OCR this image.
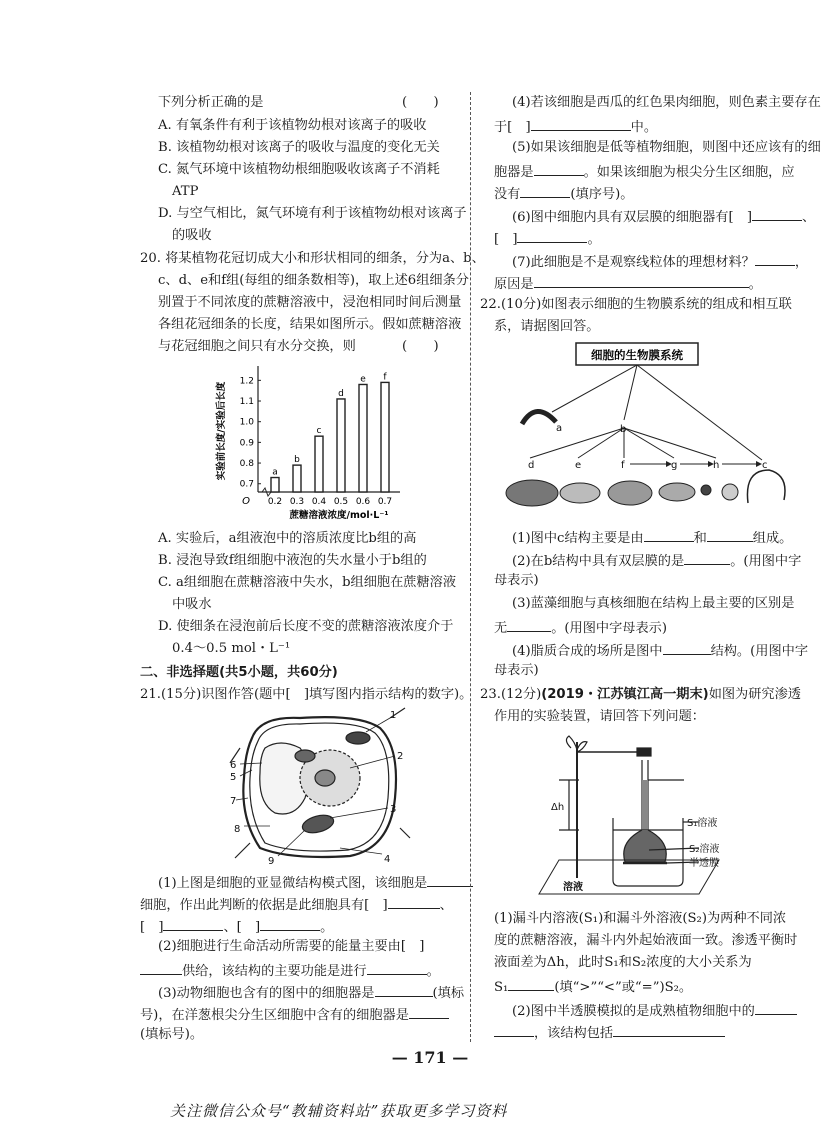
下列分析正确的是	(　　)
A. 有氧条件有利于该植物幼根对该离子的吸收
B. 该植物幼根对该离子的吸收与温度的变化无关
C. 氮气环境中该植物幼根细胞吸收该离子不消耗
ATP
D. 与空气相比，氮气环境有利于该植物幼根对该离子
的吸收
20. 将某植物花冠切成大小和形状相同的细条，分为a、b、
c、d、e和f组(每组的细条数相等)，取上述6组细条分
别置于不同浓度的蔗糖溶液中，浸泡相同时间后测量
各组花冠细条的长度，结果如图所示。假如蔗糖溶液
与花冠细胞之间只有水分交换，则	(　　)
0.7
0.8
0.9
1.0
1.1
1.2
O
a
0.2
b
0.3
c
0.4
d
0.5
e
0.6
f
0.7
蔗糖溶液浓度/mol·L⁻¹
实验前长度/实验后长度
A. 实验后，a组液泡中的溶质浓度比b组的高
B. 浸泡导致f组细胞中液泡的失水量小于b组的
C. a组细胞在蔗糖溶液中失水，b组细胞在蔗糖溶液
中吸水
D. 使细条在浸泡前后长度不变的蔗糖溶液浓度介于
0.4～0.5 mol・L⁻¹
二、非选择题(共5小题，共60分)
21.(15分)识图作答(题中[　]填写图内指示结构的数字)。
1
2
3
4
5
6
7
8
9
(1)上图是细胞的亚显微结构模式图，该细胞是
细胞，作出此判断的依据是此细胞具有[　]	、
[　]	、[　]	。
(2)细胞进行生命活动所需要的能量主要由[　]
供给，该结构的主要功能是进行	。
(3)动物细胞也含有的图中的细胞器是	(填标
号)，在洋葱根尖分生区细胞中含有的细胞器是
(填标号)。
(4)若该细胞是西瓜的红色果肉细胞，则色素主要存在
于[　]	中。
(5)如果该细胞是低等植物细胞，则图中还应该有的细
胞器是	。如果该细胞为根尖分生区细胞，应
没有	(填序号)。
(6)图中细胞内具有双层膜的细胞器有[　]	、
[　]	。
(7)此细胞是不是观察线粒体的理想材料？	，
原因是	。
22.(10分)如图表示细胞的生物膜系统的组成和相互联
系，请据图回答。
细胞的生物膜系统
a	b
d	e	f	g	h	c
(1)图中c结构主要是由	和	组成。
(2)在b结构中具有双层膜的是	。(用图中字
母表示)
(3)蓝藻细胞与真核细胞在结构上最主要的区别是
无	。(用图中字母表示)
(4)脂质合成的场所是图中	结构。(用图中字
母表示)
23.(12分)(2019・江苏镇江高一期末)如图为研究渗透
作用的实验装置，请回答下列问题：
Δh
S₁溶液
S₂溶液
半透膜
溶液
(1)漏斗内溶液(S₁)和漏斗外溶液(S₂)为两种不同浓
度的蔗糖溶液，漏斗内外起始液面一致。渗透平衡时
液面差为Δh，此时S₁和S₂浓度的大小关系为
S₁	(填“>”“<”或“=”)S₂。
(2)图中半透膜模拟的是成熟植物细胞中的
，该结构包括
— 171 —
关注微信公众号“教辅资料站”获取更多学习资料
